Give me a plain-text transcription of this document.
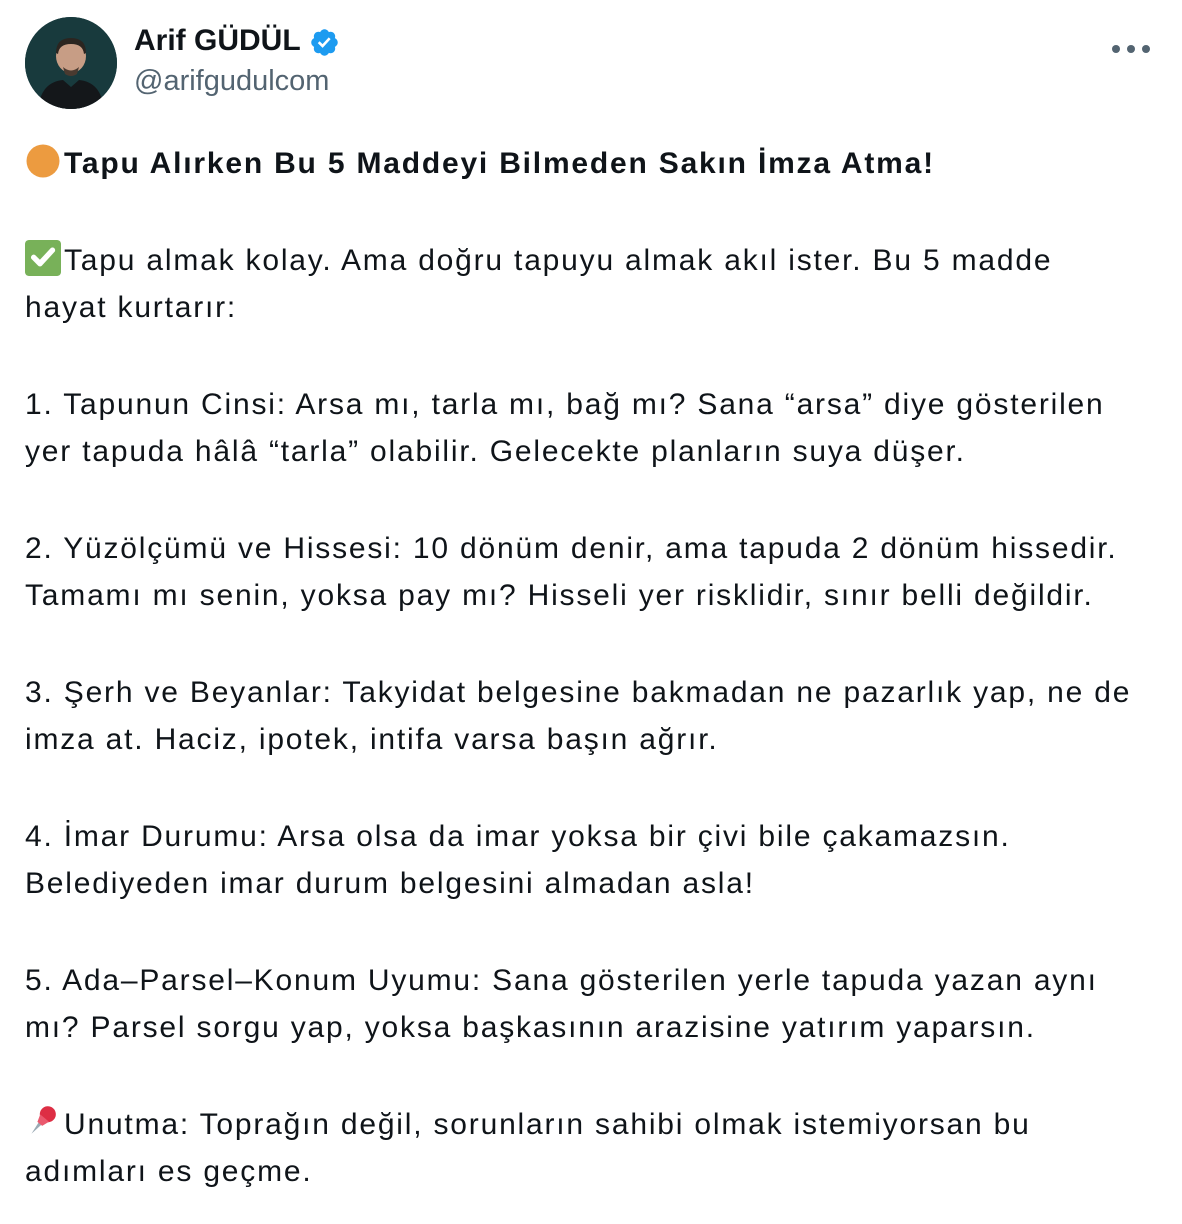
Arif GÜDÜL
@arifgudulcom
Tapu Alırken Bu 5 Maddeyi Bilmeden Sakın İmza Atma!
Tapu almak kolay. Ama doğru tapuyu almak akıl ister. Bu 5 madde
hayat kurtarır:
1. Tapunun Cinsi: Arsa mı, tarla mı, bağ mı? Sana “arsa” diye gösterilen
yer tapuda hâlâ “tarla” olabilir. Gelecekte planların suya düşer.
2. Yüzölçümü ve Hissesi: 10 dönüm denir, ama tapuda 2 dönüm hissedir.
Tamamı mı senin, yoksa pay mı? Hisseli yer risklidir, sınır belli değildir.
3. Şerh ve Beyanlar: Takyidat belgesine bakmadan ne pazarlık yap, ne de
imza at. Haciz, ipotek, intifa varsa başın ağrır.
4. İmar Durumu: Arsa olsa da imar yoksa bir çivi bile çakamazsın.
Belediyeden imar durum belgesini almadan asla!
5. Ada–Parsel–Konum Uyumu: Sana gösterilen yerle tapuda yazan aynı
mı? Parsel sorgu yap, yoksa başkasının arazisine yatırım yaparsın.
Unutma: Toprağın değil, sorunların sahibi olmak istemiyorsan bu
adımları es geçme.
